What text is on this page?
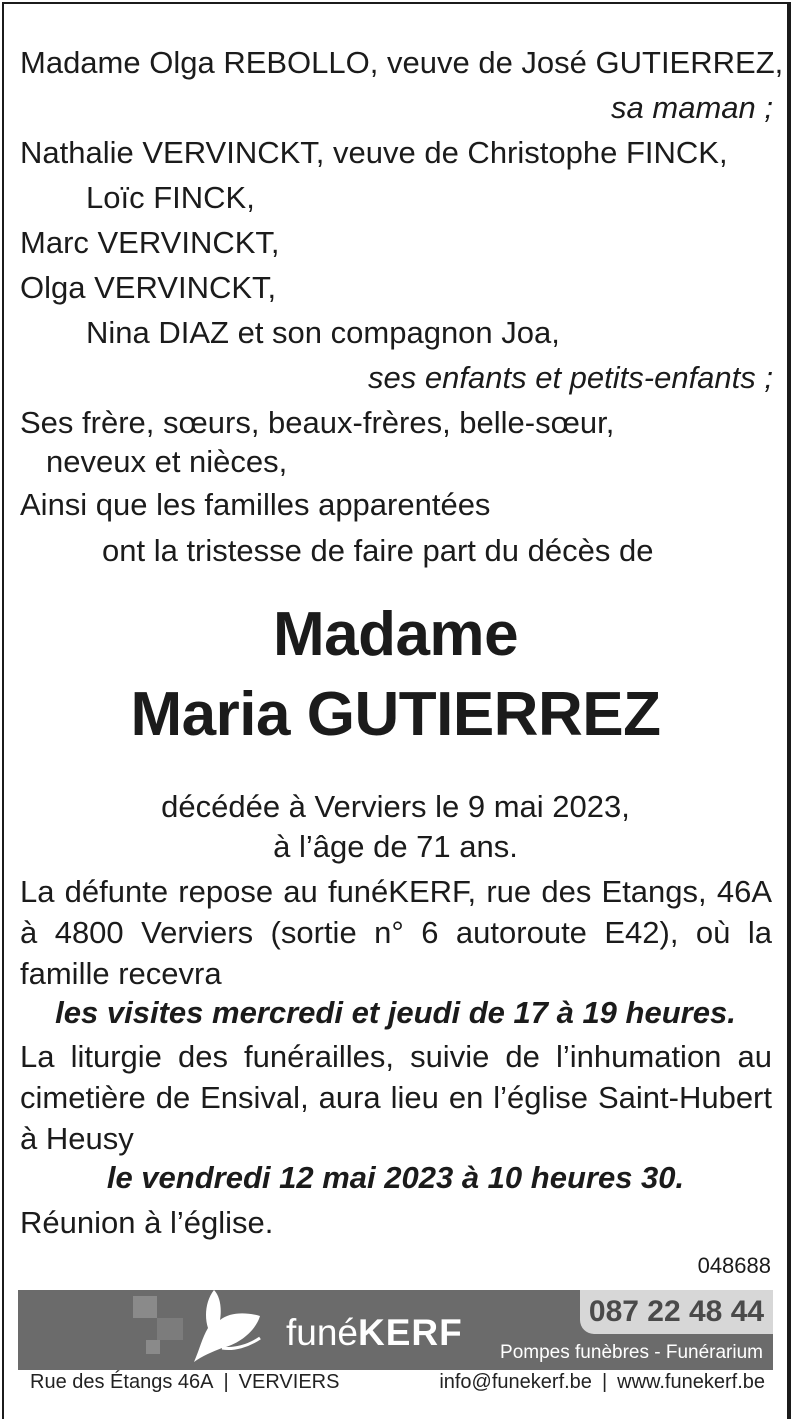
Madame Olga REBOLLO, veuve de José GUTIERREZ,
sa maman ;
Nathalie VERVINCKT, veuve de Christophe FINCK,
Loïc FINCK,
Marc VERVINCKT,
Olga VERVINCKT,
Nina DIAZ et son compagnon Joa,
ses enfants et petits-enfants ;
Ses frère, sœurs, beaux-frères, belle-sœur,
neveux et nièces,
Ainsi que les familles apparentées
ont la tristesse de faire part du décès de
Madame
Maria GUTIERREZ
décédée à Verviers le 9 mai 2023,
à l’âge de 71 ans.
La défunte repose au funéKERF, rue des Etangs, 46A à 4800 Verviers (sortie n° 6 autoroute E42), où la famille recevra
les visites mercredi et jeudi de 17 à 19 heures.
La liturgie des funérailles, suivie de l’inhumation au cimetière de Ensival, aura lieu en l’église Saint-Hubert à Heusy
le vendredi 12 mai 2023 à 10 heures 30.
Réunion à l’église.
048688
funéKERF
087 22 48 44
Pompes funèbres - Funérarium
Rue des Étangs 46A | VERVIERS	info@funekerf.be | www.funekerf.be
